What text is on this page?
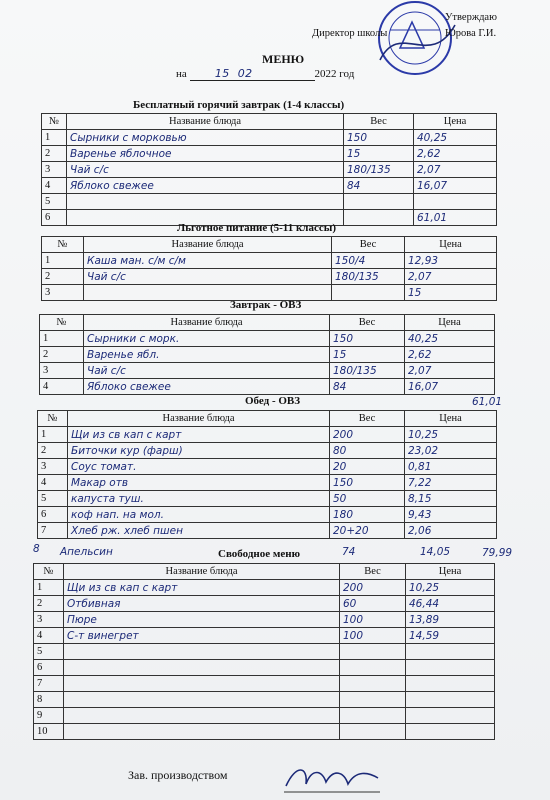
Утверждаю
Директор школы	Юрова Г.И.
МЕНЮ
на	15 02	2022 год
Бесплатный горячий завтрак (1-4 классы)
№	Название блюда	Вес	Цена
1	Сырники с морковью	150	40,25
2	Варенье яблочное	15	2,62
3	Чай с/с	180/135	2,07
4	Яблоко свежее	84	16,07
5			
6			61,01
Льготное питание (5-11 классы)
№	Название блюда	Вес	Цена
1	Каша ман. с/м с/м	150/4	12,93
2	Чай с/с	180/135	2,07
3			15
Завтрак - ОВЗ
№	Название блюда	Вес	Цена
1	Сырники с морк.	150	40,25
2	Варенье ябл.	15	2,62
3	Чай с/с	180/135	2,07
4	Яблоко свежее	84	16,07
61,01
Обед - ОВЗ
№	Название блюда	Вес	Цена
1	Щи из св кап с карт	200	10,25
2	Биточки кур (фарш)	80	23,02
3	Соус томат.	20	0,81
4	Макар отв	150	7,22
5	капуста туш.	50	8,15
6	коф нап. на мол.	180	9,43
7	Хлеб рж. хлеб пшен	20+20	2,06
8 Апельсин	74	14,05	79,99
Свободное меню
№	Название блюда	Вес	Цена
1	Щи из св кап с карт	200	10,25
2	Отбивная	60	46,44
3	Пюре	100	13,89
4	С-т винегрет	100	14,59
5			
6			
7			
8			
9			
10			
Зав. производством
